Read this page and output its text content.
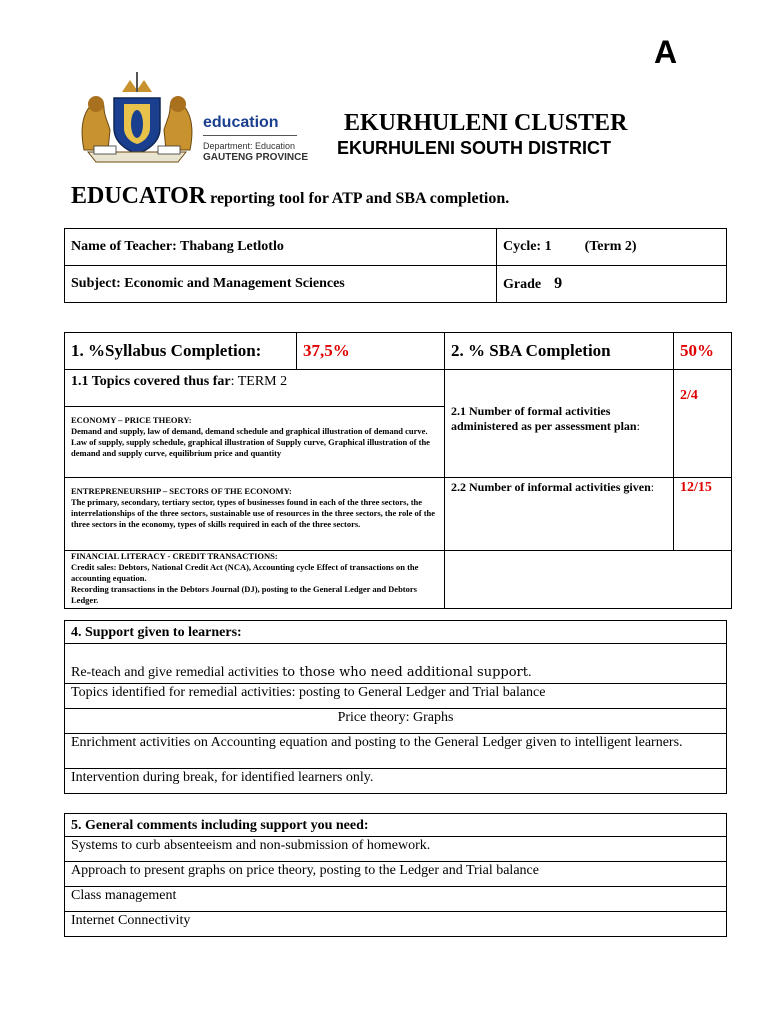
A
education
Department: Education
GAUTENG PROVINCE
EKURHULENI CLUSTER
EKURHULENI SOUTH DISTRICT
EDUCATOR reporting tool for ATP and SBA completion.
Name of Teacher: Thabang Letlotlo	Cycle: 1 (Term 2)
Subject: Economic and Management Sciences	Grade 9
1. %Syllabus Completion:	37,5%	2. % SBA Completion	50%
1.1 Topics covered thus far: TERM 2		2.1 Number of formal activities administered as per assessment plan:	2/4

ECONOMY – PRICE THEORY:
Demand and supply, law of demand, demand schedule and graphical illustration of demand curve.
Law of supply, supply schedule, graphical illustration of Supply curve, Graphical illustration of the demand and supply curve, equilibrium price and quantity			

ENTREPRENEURSHIP – SECTORS OF THE ECONOMY:
The primary, secondary, tertiary sector, types of businesses found in each of the three sectors, the interrelationships of the three sectors, sustainable use of resources in the three sectors, the role of the three sectors in the economy, types of skills required in each of the three sectors.		2.2 Number of informal activities given:	12/15

FINANCIAL LITERACY - CREDIT TRANSACTIONS:
Credit sales: Debtors, National Credit Act (NCA), Accounting cycle Effect of transactions on the accounting equation.
Recording transactions in the Debtors Journal (DJ), posting to the General Ledger and Debtors Ledger.			

4. Support given to learners:
Re-teach and give remedial activities to those who need additional support.
Topics identified for remedial activities: posting to General Ledger and Trial balance
Price theory: Graphs
Enrichment activities on Accounting equation and posting to the General Ledger given to intelligent learners.
Intervention during break, for identified learners only.
5. General comments including support you need:
Systems to curb absenteeism and non-submission of homework.
Approach to present graphs on price theory, posting to the Ledger and Trial balance
Class management
Internet Connectivity
